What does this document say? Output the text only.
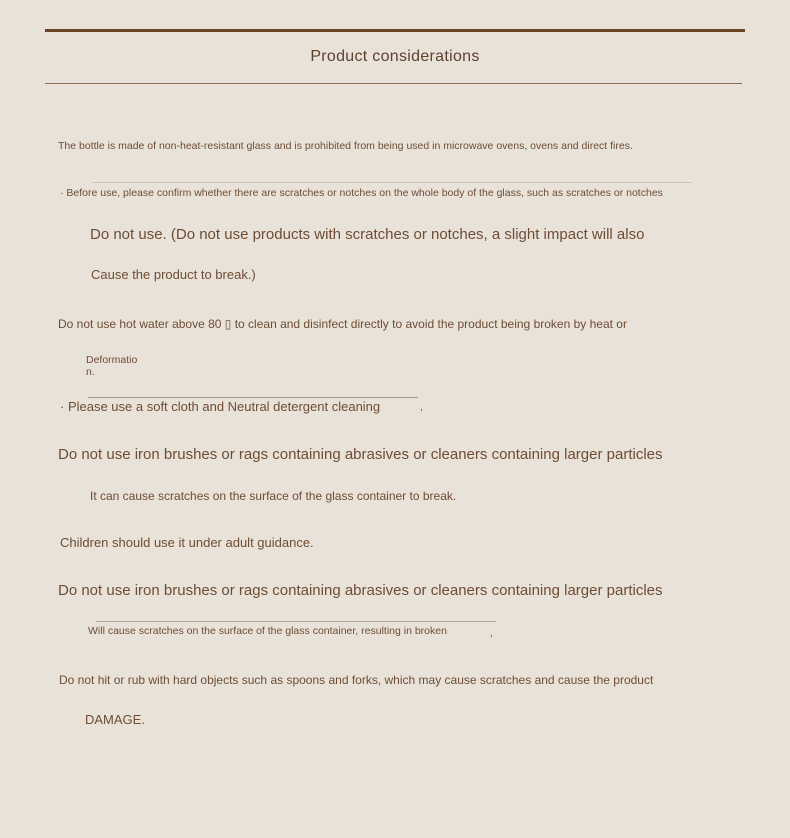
Product considerations
The bottle is made of non-heat-resistant glass and is prohibited from being used in microwave ovens, ovens and direct fires.
· Before use, please confirm whether there are scratches or notches on the whole body of the glass, such as scratches or notches
Do not use. (Do not use products with scratches or notches, a slight impact will also
Cause the product to break.)
Do not use hot water above 80 ▯ to clean and disinfect directly to avoid the product being broken by heat or
Deformation.
· Please use a soft cloth and Neutral detergent cleaning	,
Do not use iron brushes or rags containing abrasives or cleaners containing larger particles
It can cause scratches on the surface of the glass container to break.
Children should use it under adult guidance.
Do not use iron brushes or rags containing abrasives or cleaners containing larger particles
Will cause scratches on the surface of the glass container, resulting in broken	,
Do not hit or rub with hard objects such as spoons and forks, which may cause scratches and cause the product
DAMAGE.
